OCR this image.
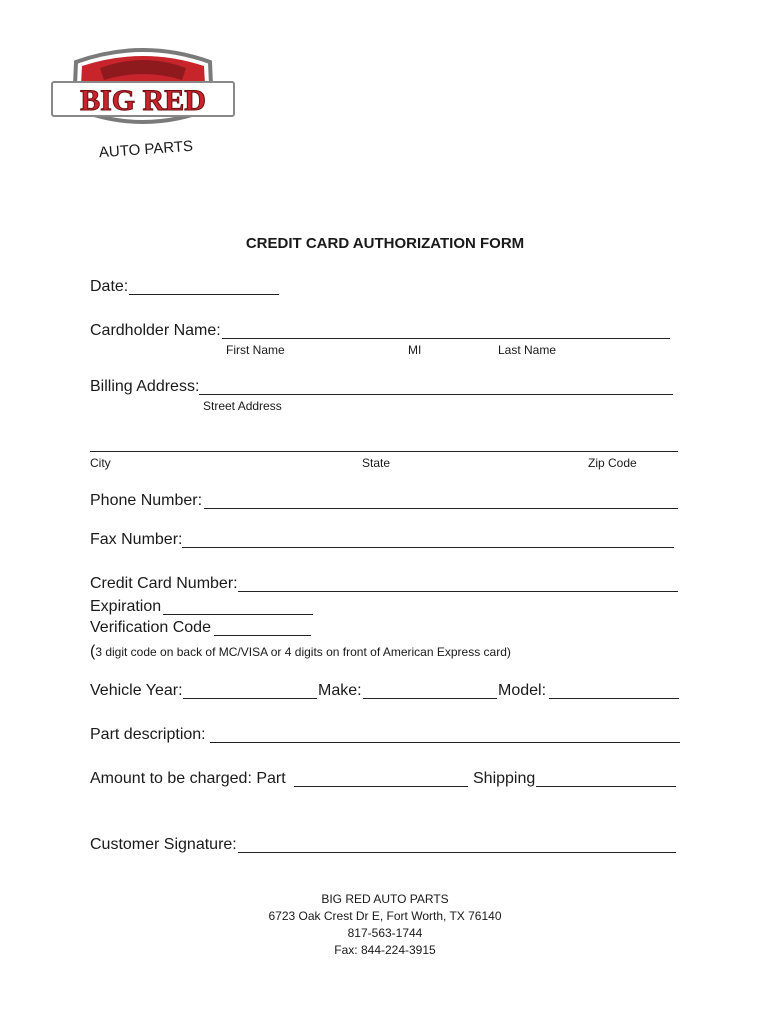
BIG RED
AUTO PARTS
CREDIT CARD AUTHORIZATION FORM
Date:
Cardholder Name:
First Name	MI	Last Name
Billing Address:
Street Address
City	State	Zip Code
Phone Number:
Fax Number:
Credit Card Number:
Expiration
Verification Code
(3 digit code on back of MC/VISA or 4 digits on front of American Express card)
Vehicle Year:	Make:	Model:
Part description:
Amount to be charged: Part	Shipping
Customer Signature:
BIG RED AUTO PARTS
6723 Oak Crest Dr E, Fort Worth, TX 76140
817-563-1744
Fax: 844-224-3915
